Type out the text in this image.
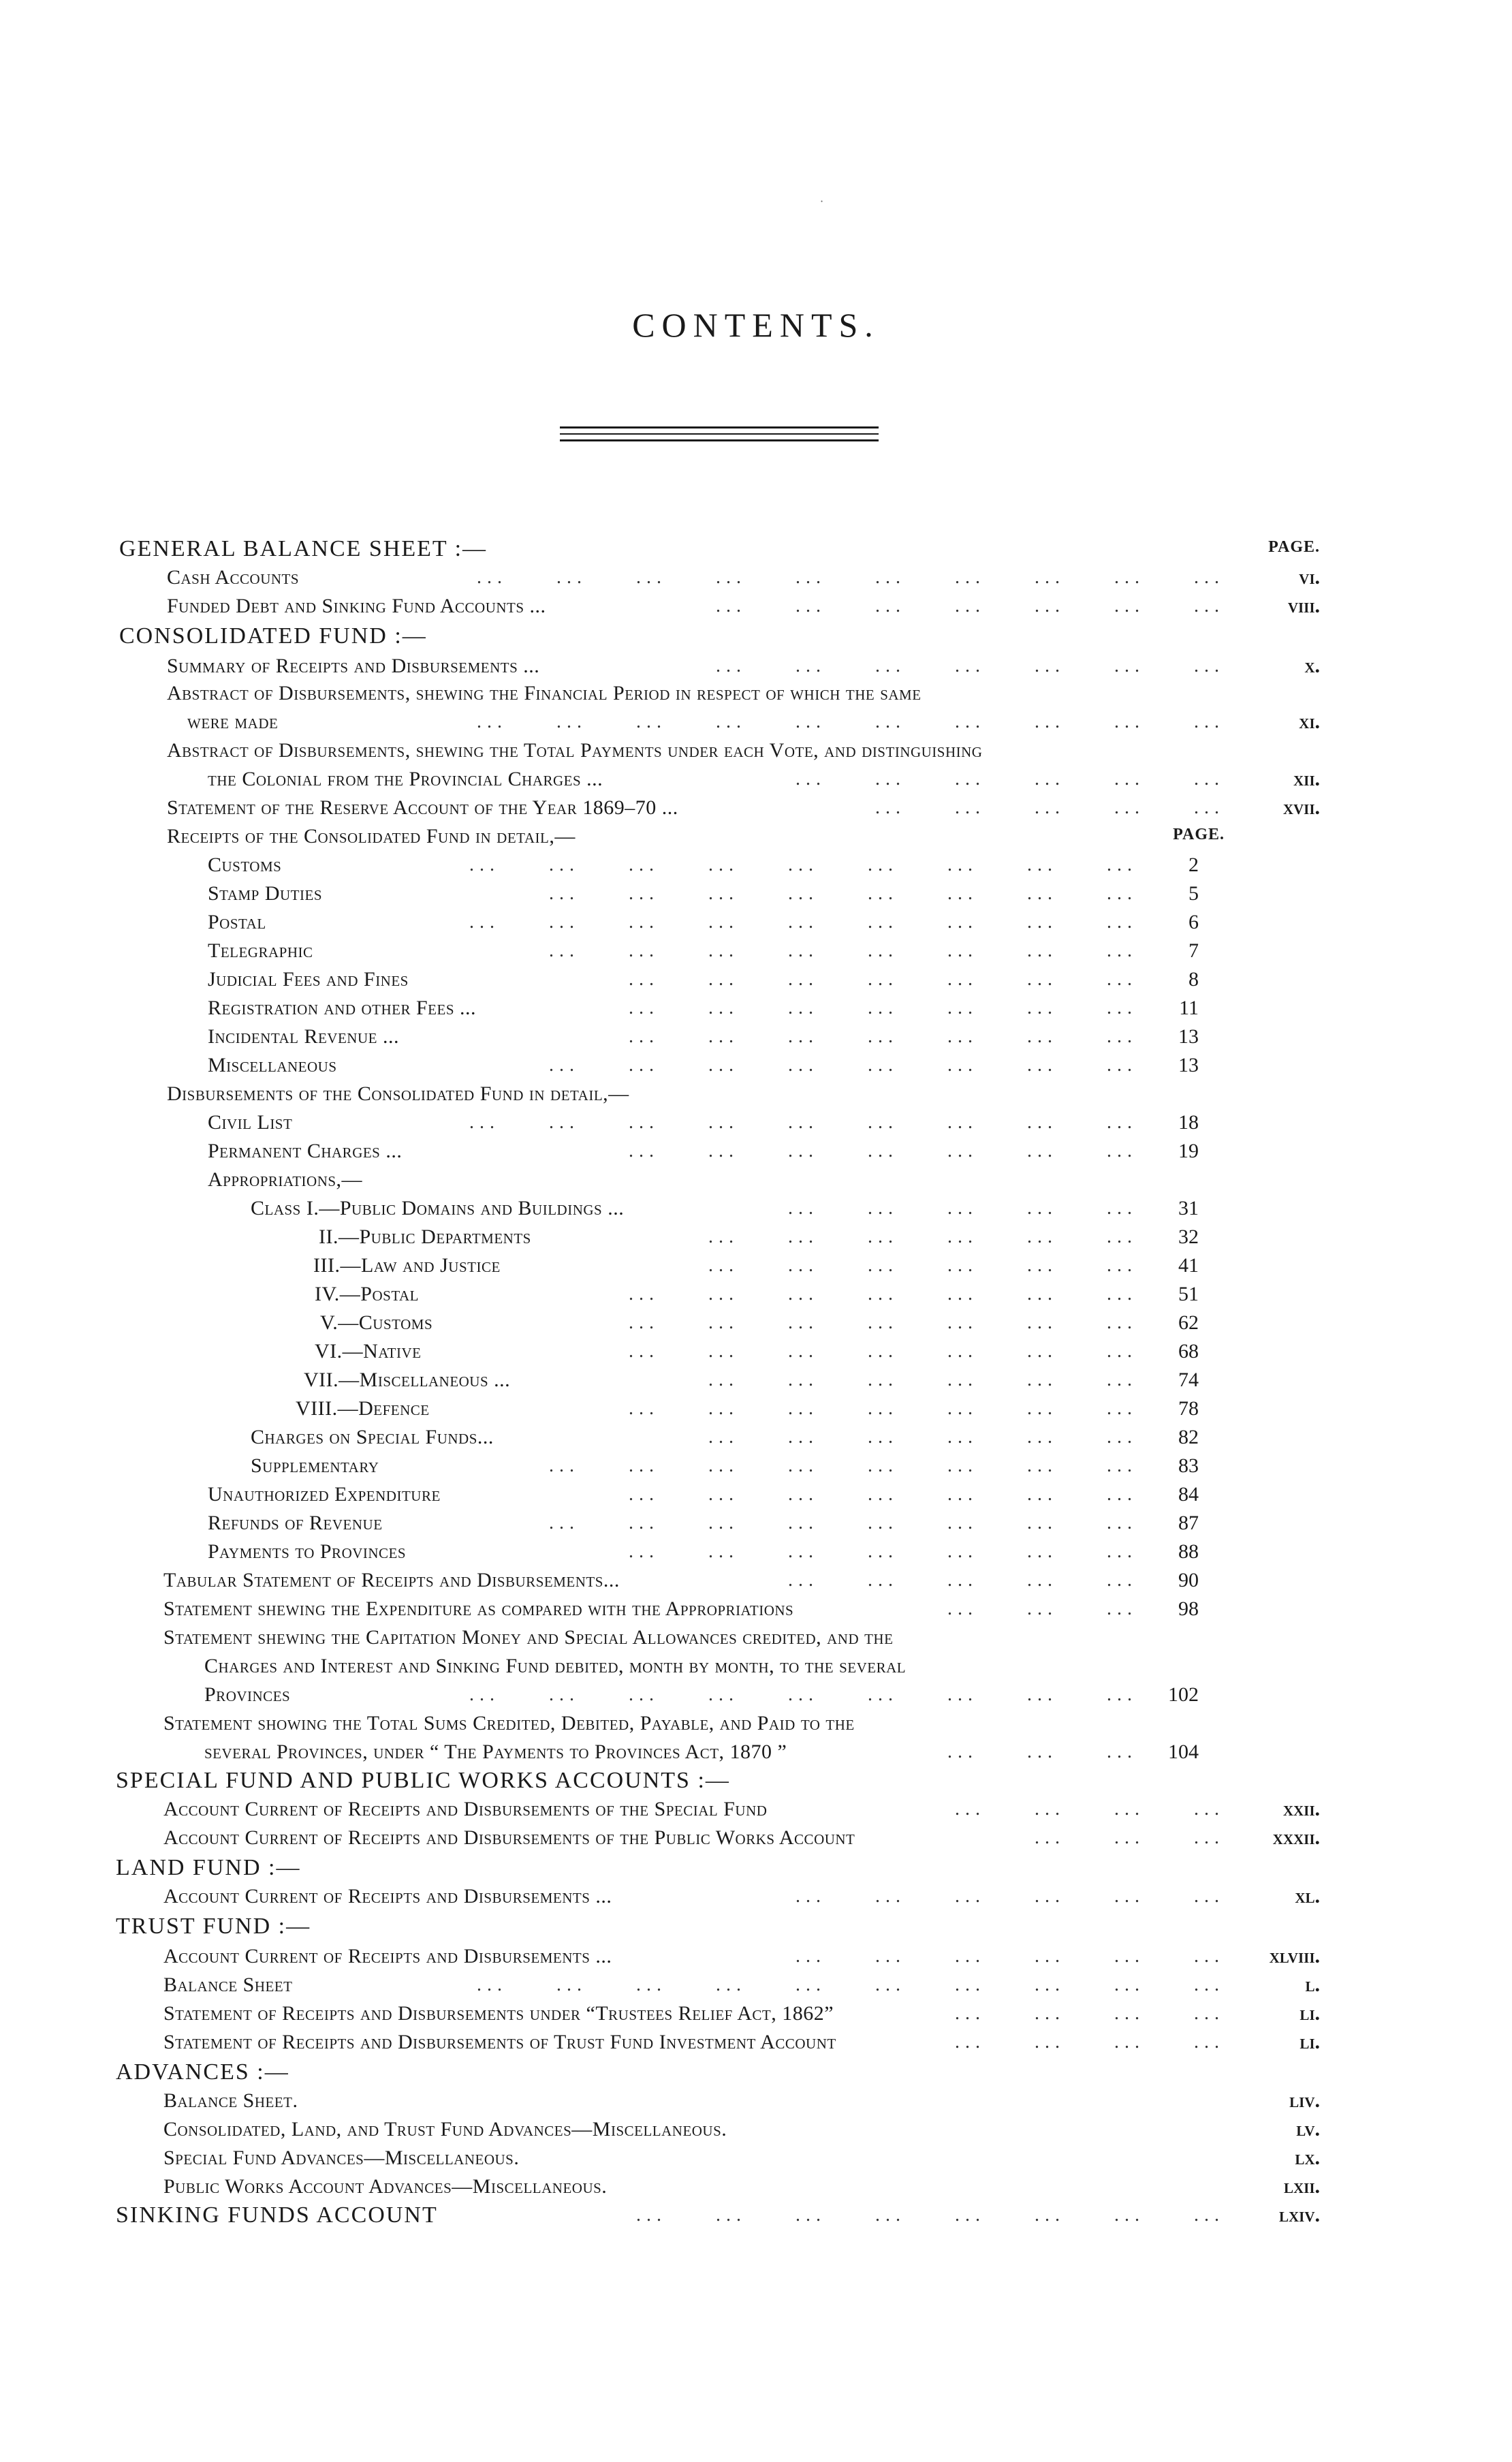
CONTENTS.
·
PAGE.
PAGE.
GENERAL BALANCE SHEET :—
Cash Accounts	vi.
...  ...  ...  ...  ...  ...  ...  ...  ...  ...
Funded Debt and Sinking Fund Accounts ...	viii.
...  ...  ...  ...  ...  ...  ...
CONSOLIDATED FUND :—
Summary of Receipts and Disbursements ...	x.
...  ...  ...  ...  ...  ...  ...
Abstract of Disbursements, shewing the Financial Period in respect of which the same
were made	xi.
...  ...  ...  ...  ...  ...  ...  ...  ...  ...
Abstract of Disbursements, shewing the Total Payments under each Vote, and distinguishing
the Colonial from the Provincial Charges ...	xii.
...  ...  ...  ...  ...  ...
Statement of the Reserve Account of the Year 1869–70 ...	xvii.
...  ...  ...  ...  ...
Receipts of the Consolidated Fund in detail,—
Customs	2
...  ...  ...  ...  ...  ...  ...  ...  ...
Stamp Duties	5
...  ...  ...  ...  ...  ...  ...  ...
Postal	6
...  ...  ...  ...  ...  ...  ...  ...  ...
Telegraphic	7
...  ...  ...  ...  ...  ...  ...  ...
Judicial Fees and Fines	8
...  ...  ...  ...  ...  ...  ...
Registration and other Fees ...	11
...  ...  ...  ...  ...  ...  ...
Incidental Revenue ...	13
...  ...  ...  ...  ...  ...  ...
Miscellaneous	13
...  ...  ...  ...  ...  ...  ...  ...
Disbursements of the Consolidated Fund in detail,—
Civil List	18
...  ...  ...  ...  ...  ...  ...  ...  ...
Permanent Charges ...	19
...  ...  ...  ...  ...  ...  ...
Appropriations,—
Class I.—Public Domains and Buildings ...	31
...  ...  ...  ...  ...
II.—Public Departments	32
...  ...  ...  ...  ...  ...
III.—Law and Justice	41
...  ...  ...  ...  ...  ...
IV.—Postal	51
...  ...  ...  ...  ...  ...  ...
V.—Customs	62
...  ...  ...  ...  ...  ...  ...
VI.—Native	68
...  ...  ...  ...  ...  ...  ...
VII.—Miscellaneous ...	74
...  ...  ...  ...  ...  ...
VIII.—Defence	78
...  ...  ...  ...  ...  ...  ...
Charges on Special Funds...	82
...  ...  ...  ...  ...  ...
Supplementary	83
...  ...  ...  ...  ...  ...  ...  ...
Unauthorized Expenditure	84
...  ...  ...  ...  ...  ...  ...
Refunds of Revenue	87
...  ...  ...  ...  ...  ...  ...  ...
Payments to Provinces	88
...  ...  ...  ...  ...  ...  ...
Tabular Statement of Receipts and Disbursements...	90
...  ...  ...  ...  ...
Statement shewing the Expenditure as compared with the Appropriations	98
...  ...  ...
Statement shewing the Capitation Money and Special Allowances credited, and the
Charges and Interest and Sinking Fund debited, month by month, to the several
Provinces	102
...  ...  ...  ...  ...  ...  ...  ...  ...
Statement showing the Total Sums Credited, Debited, Payable, and Paid to the
several Provinces, under “ The Payments to Provinces Act, 1870 ”	104
...  ...  ...
SPECIAL FUND AND PUBLIC WORKS ACCOUNTS :—
Account Current of Receipts and Disbursements of the Special Fund	xxii.
...  ...  ...  ...
Account Current of Receipts and Disbursements of the Public Works Account	xxxii.
...  ...  ...
LAND FUND :—
Account Current of Receipts and Disbursements ...	xl.
...  ...  ...  ...  ...  ...
TRUST FUND :—
Account Current of Receipts and Disbursements ...	xlviii.
...  ...  ...  ...  ...  ...
Balance Sheet	l.
...  ...  ...  ...  ...  ...  ...  ...  ...  ...
Statement of Receipts and Disbursements under “Trustees Relief Act, 1862”	li.
...  ...  ...  ...
Statement of Receipts and Disbursements of Trust Fund Investment Account	li.
...  ...  ...  ...
ADVANCES :—
Balance Sheet.	liv.
Consolidated, Land, and Trust Fund Advances—Miscellaneous.	lv.
Special Fund Advances—Miscellaneous.	lx.
Public Works Account Advances—Miscellaneous.	lxii.
SINKING FUNDS ACCOUNT	lxiv.
...  ...  ...  ...  ...  ...  ...  ...
